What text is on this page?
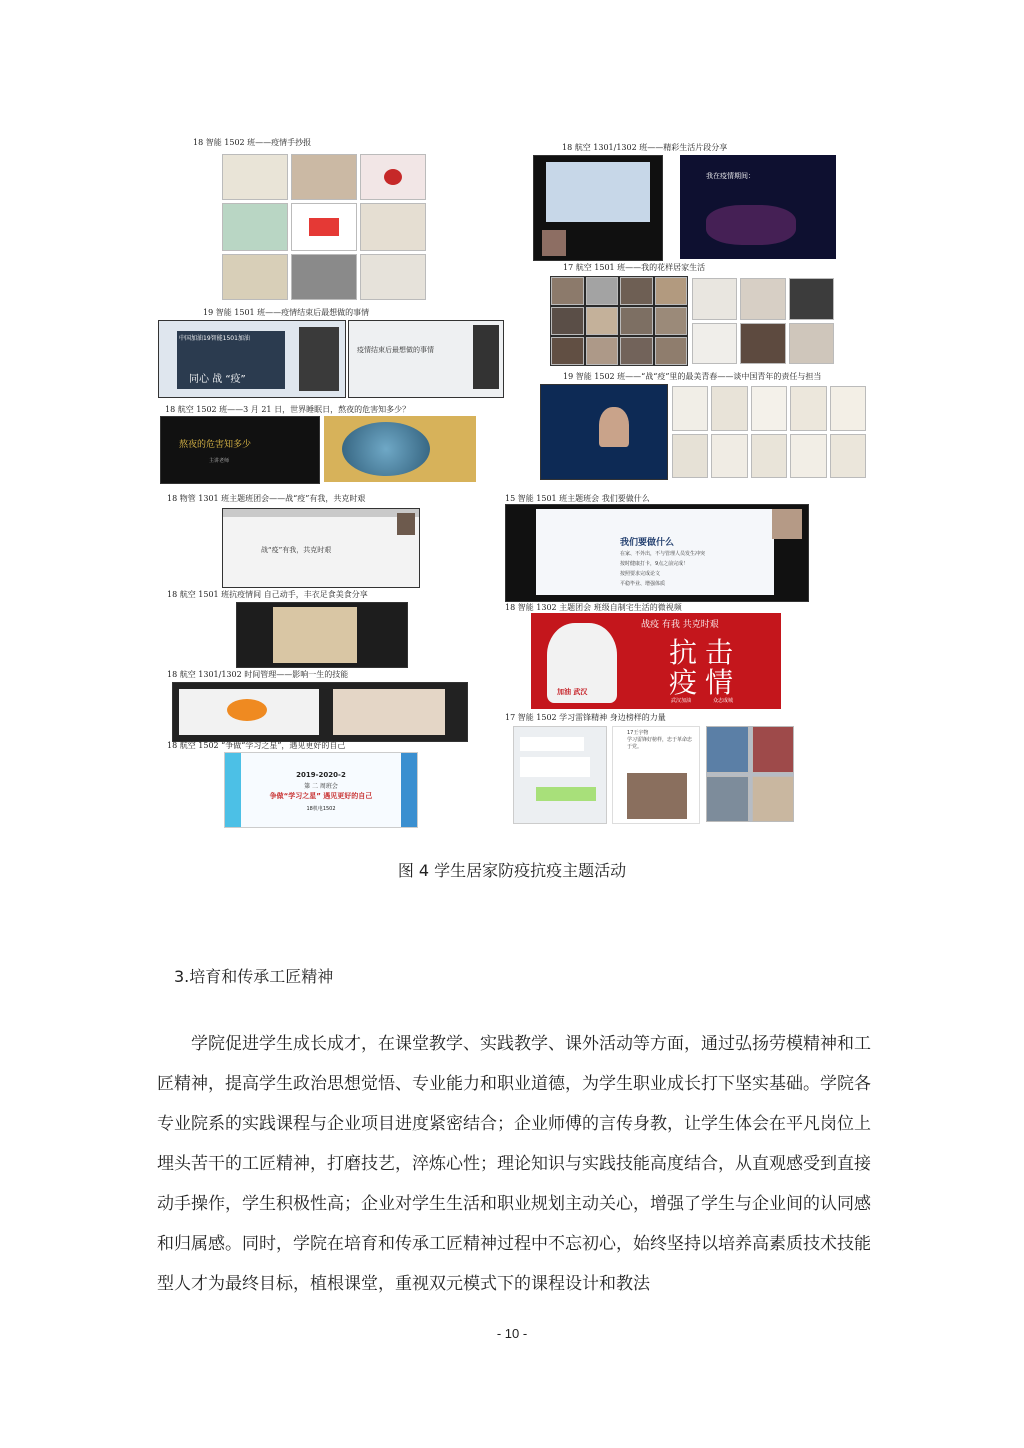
18 智能 1502 班——疫情手抄报
19 智能 1501 班——疫情结束后最想做的事情
中国加油19智能1501加油
同心 战 “疫”
疫情结束后最想做的事情
18 航空 1502 班——3 月 21 日，世界睡眠日，熬夜的危害知多少？
熬夜的危害知多少
主讲老师
18 物管 1301 班主题班团会——战“疫”有我，共克时艰
战“疫”有我，共克时艰
18 航空 1501 班抗疫情间 自己动手，丰衣足食美食分享
18 航空 1301/1302 时间管理——影响一生的技能
18 航空 1502 “争做“学习之星”，遇见更好的自己
2019-2020-2
第 二 周班会
争做“学习之星” 遇见更好的自己
18机电1502
18 航空 1301/1302 班——精彩生活片段分享
我在疫情期间：
17 航空 1501 班——我的花样居家生活
19 智能 1502 班——“战“疫”里的最美青春——谈中国青年的责任与担当
15 智能 1501 班主题班会 我们要做什么
我们要做什么
在家、不外出，不与管理人员发生冲突
按时健康打卡，9点之前完成！
按照要求完成论文
平稳毕业、增强体质
18 智能 1302 主题团会 班级自制宅生活的微视频
战疫 有我 共克时艰
加油 武汉
抗击
疫情
武汉加油	众志成城
17 智能 1502 学习雷锋精神 身边榜样的力量
17王宇物
学习雷锋好榜样，忠于革命忠于党。
图 4 学生居家防疫抗疫主题活动
3.培育和传承工匠精神
学院促进学生成长成才，在课堂教学、实践教学、课外活动等方面，通过弘扬劳模精神和工匠精神，提高学生政治思想觉悟、专业能力和职业道德，为学生职业成长打下坚实基础。学院各专业院系的实践课程与企业项目进度紧密结合；企业师傅的言传身教，让学生体会在平凡岗位上埋头苦干的工匠精神，打磨技艺，淬炼心性；理论知识与实践技能高度结合，从直观感受到直接动手操作，学生积极性高；企业对学生生活和职业规划主动关心，增强了学生与企业间的认同感和归属感。同时，学院在培育和传承工匠精神过程中不忘初心，始终坚持以培养高素质技术技能型人才为最终目标，植根课堂，重视双元模式下的课程设计和教法
- 10 -
